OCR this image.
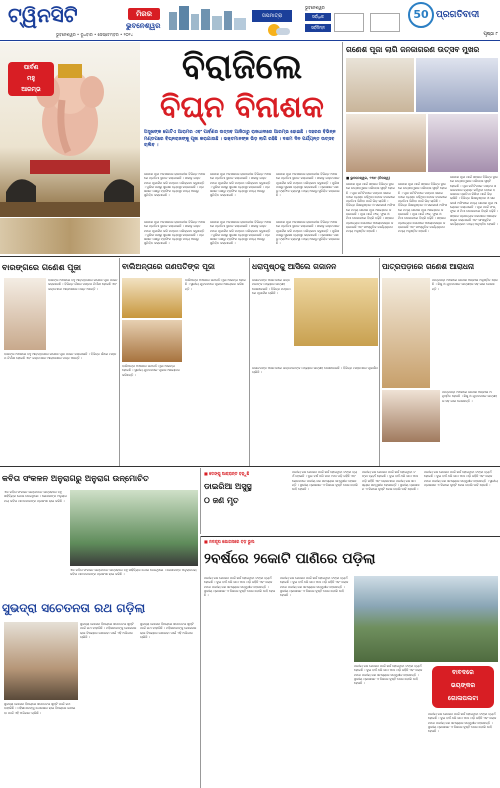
ଟ୍ୱିନସିଟି	ମିରର
ଭୁବନେଶ୍ୱର
ଭୁବନେଶ୍ୱର • ବୁଧବାର • ସେପ୍ଟେମ୍ବର • ୨୦୨୪
ତାପମାତ୍ରା
ଭୁବନେଶ୍ୱର
ସର୍ବାଧିକ
ସର୍ବନିମ୍ନ
50 ପ୍ରଗତିବାଦୀ
ପୃଷ୍ଠା ୮
ପାର୍ବଣ
ମହୁ
ଆରମ୍ଭ
ବିରାଜିଲେ
ବିଘ୍ନ ବିନାଶକ
ଅସୁଖଙ୍କ ଗୋଟିଏ ଆରାମର ଏବଂ ପାର୍ବଣର ଉତ୍ସବ ଆଜିଠାରୁ ରାଜଧାନୀରେ ଆରମ୍ଭ ହୋଇଛି । ସହରର ବିଭିନ୍ନ ମଣ୍ଡପରେ ବିଘ୍ନରାଜଙ୍କୁ ପୂଜା କରାଯାଉଛି । ଭକ୍ତମାନଙ୍କ ଭିଡ଼ ଲାଗି ରହିଛି । ଦଶମ ଦିନ ପର୍ଯ୍ୟନ୍ତ ଉତ୍ସବ ଚାଲିବ ।
ଗଣେଶ ପୂଜା ଅବସରରେ ରାଜଧାନୀର ବିଭିନ୍ନ ଅଞ୍ଚଳରେ ପ୍ରତିମା ସ୍ଥାପନ କରାଯାଇଛି । ସକାଳୁ ଭକ୍ତମାନେ ପୂଜାର୍ଚ୍ଚନା କରି ମଣ୍ଡପ ପରିକ୍ରମା କରୁଛନ୍ତି । ପୁଲିସ ପକ୍ଷରୁ ସୁରକ୍ଷା ବ୍ୟବସ୍ଥା କରାଯାଇଛି । ପ୍ରଶାସନ ପକ୍ଷରୁ ଟ୍ରାଫିକ ବ୍ୟବସ୍ଥା ମଧ୍ୟ ଆଗରୁ ସୁନିଶ୍ଚିତ କରାଯାଇଛି ।
ଗଣେଶ ପୂଜା ଅବସରରେ ରାଜଧାନୀର ବିଭିନ୍ନ ଅଞ୍ଚଳରେ ପ୍ରତିମା ସ୍ଥାପନ କରାଯାଇଛି । ସକାଳୁ ଭକ୍ତମାନେ ପୂଜାର୍ଚ୍ଚନା କରି ମଣ୍ଡପ ପରିକ୍ରମା କରୁଛନ୍ତି । ପୁଲିସ ପକ୍ଷରୁ ସୁରକ୍ଷା ବ୍ୟବସ୍ଥା କରାଯାଇଛି । ପ୍ରଶାସନ ପକ୍ଷରୁ ଟ୍ରାଫିକ ବ୍ୟବସ୍ଥା ମଧ୍ୟ ଆଗରୁ ସୁନିଶ୍ଚିତ କରାଯାଇଛି ।
ଗଣେଶ ପୂଜା ଅବସରରେ ରାଜଧାନୀର ବିଭିନ୍ନ ଅଞ୍ଚଳରେ ପ୍ରତିମା ସ୍ଥାପନ କରାଯାଇଛି । ସକାଳୁ ଭକ୍ତମାନେ ପୂଜାର୍ଚ୍ଚନା କରି ମଣ୍ଡପ ପରିକ୍ରମା କରୁଛନ୍ତି । ପୁଲିସ ପକ୍ଷରୁ ସୁରକ୍ଷା ବ୍ୟବସ୍ଥା କରାଯାଇଛି । ପ୍ରଶାସନ ପକ୍ଷରୁ ଟ୍ରାଫିକ ବ୍ୟବସ୍ଥା ମଧ୍ୟ ଆଗରୁ ସୁନିଶ୍ଚିତ କରାଯାଇଛି ।
ଗଣେଶ ପୂଜା ଅବସରରେ ରାଜଧାନୀର ବିଭିନ୍ନ ଅଞ୍ଚଳରେ ପ୍ରତିମା ସ୍ଥାପନ କରାଯାଇଛି । ସକାଳୁ ଭକ୍ତମାନେ ପୂଜାର୍ଚ୍ଚନା କରି ମଣ୍ଡପ ପରିକ୍ରମା କରୁଛନ୍ତି । ପୁଲିସ ପକ୍ଷରୁ ସୁରକ୍ଷା ବ୍ୟବସ୍ଥା କରାଯାଇଛି । ପ୍ରଶାସନ ପକ୍ଷରୁ ଟ୍ରାଫିକ ବ୍ୟବସ୍ଥା ମଧ୍ୟ ଆଗରୁ ସୁନିଶ୍ଚିତ କରାଯାଇଛି ।
ଗଣେଶ ପୂଜା ଅବସରରେ ରାଜଧାନୀର ବିଭିନ୍ନ ଅଞ୍ଚଳରେ ପ୍ରତିମା ସ୍ଥାପନ କରାଯାଇଛି । ସକାଳୁ ଭକ୍ତମାନେ ପୂଜାର୍ଚ୍ଚନା କରି ମଣ୍ଡପ ପରିକ୍ରମା କରୁଛନ୍ତି । ପୁଲିସ ପକ୍ଷରୁ ସୁରକ୍ଷା ବ୍ୟବସ୍ଥା କରାଯାଇଛି । ପ୍ରଶାସନ ପକ୍ଷରୁ ଟ୍ରାଫିକ ବ୍ୟବସ୍ଥା ମଧ୍ୟ ଆଗରୁ ସୁନିଶ୍ଚିତ କରାଯାଇଛି ।
ଗଣେଶ ପୂଜା ଅବସରରେ ରାଜଧାନୀର ବିଭିନ୍ନ ଅଞ୍ଚଳରେ ପ୍ରତିମା ସ୍ଥାପନ କରାଯାଇଛି । ସକାଳୁ ଭକ୍ତମାନେ ପୂଜାର୍ଚ୍ଚନା କରି ମଣ୍ଡପ ପରିକ୍ରମା କରୁଛନ୍ତି । ପୁଲିସ ପକ୍ଷରୁ ସୁରକ୍ଷା ବ୍ୟବସ୍ଥା କରାଯାଇଛି । ପ୍ରଶାସନ ପକ୍ଷରୁ ଟ୍ରାଫିକ ବ୍ୟବସ୍ଥା ମଧ୍ୟ ଆଗରୁ ସୁନିଶ୍ଚିତ କରାଯାଇଛି ।
ଗଣେଶ ପୂଜା ଲାଗି ଜନଜାଗରଣ ଉତ୍ସବ ମୁଖର
■ ଭୁବନେଶ୍ୱର, ୨୩ା୯ (ନିଜସ୍ୱ)
ଗଣେଶ ପୂଜା ପାଇଁ ସହରର ବିଭିନ୍ନ ସ୍ଥାନରେ ଉତ୍ସବମୁଖର ପରିବେଶ ସୃଷ୍ଟି ହୋଇଛି । ପୂଜା କମିଟିମାନେ ମଣ୍ଡପ ସଜାଇବାରେ ବ୍ୟସ୍ତ ରହିଥିବା ବେଳେ ବଜାରରେ ପ୍ରତିମା କିଣିବା ପାଇଁ ଭିଡ଼ ଲାଗିଛି । ବିଭିନ୍ନ ଶିକ୍ଷାନୁଷ୍ଠାନ ଓ ସରକାରୀ ଅଫିସରେ ମଧ୍ୟ ଗଣେଶ ପୂଜା ଆୟୋଜନ କରାଯାଇଛି । ପୂଜା ପାଇଁ ଫଳ, ଫୁଲ ଓ ମିଠା ଦୋକାନରେ ବିକ୍ରି ବଢ଼ିଛି । ସହରର ପ୍ରତ୍ୟେକ କୋଣରେ ଆଲୋକସଜ୍ଜା କରାଯାଇଛି ଏବଂ ସାଂସ୍କୃତିକ କାର୍ଯ୍ୟକ୍ରମ ମଧ୍ୟ ଅନୁଷ୍ଠିତ ହେଉଛି ।
ଗଣେଶ ପୂଜା ପାଇଁ ସହରର ବିଭିନ୍ନ ସ୍ଥାନରେ ଉତ୍ସବମୁଖର ପରିବେଶ ସୃଷ୍ଟି ହୋଇଛି । ପୂଜା କମିଟିମାନେ ମଣ୍ଡପ ସଜାଇବାରେ ବ୍ୟସ୍ତ ରହିଥିବା ବେଳେ ବଜାରରେ ପ୍ରତିମା କିଣିବା ପାଇଁ ଭିଡ଼ ଲାଗିଛି । ବିଭିନ୍ନ ଶିକ୍ଷାନୁଷ୍ଠାନ ଓ ସରକାରୀ ଅଫିସରେ ମଧ୍ୟ ଗଣେଶ ପୂଜା ଆୟୋଜନ କରାଯାଇଛି । ପୂଜା ପାଇଁ ଫଳ, ଫୁଲ ଓ ମିଠା ଦୋକାନରେ ବିକ୍ରି ବଢ଼ିଛି । ସହରର ପ୍ରତ୍ୟେକ କୋଣରେ ଆଲୋକସଜ୍ଜା କରାଯାଇଛି ଏବଂ ସାଂସ୍କୃତିକ କାର୍ଯ୍ୟକ୍ରମ ମଧ୍ୟ ଅନୁଷ୍ଠିତ ହେଉଛି ।
ଗଣେଶ ପୂଜା ପାଇଁ ସହରର ବିଭିନ୍ନ ସ୍ଥାନରେ ଉତ୍ସବମୁଖର ପରିବେଶ ସୃଷ୍ଟି ହୋଇଛି । ପୂଜା କମିଟିମାନେ ମଣ୍ଡପ ସଜାଇବାରେ ବ୍ୟସ୍ତ ରହିଥିବା ବେଳେ ବଜାରରେ ପ୍ରତିମା କିଣିବା ପାଇଁ ଭିଡ଼ ଲାଗିଛି । ବିଭିନ୍ନ ଶିକ୍ଷାନୁଷ୍ଠାନ ଓ ସରକାରୀ ଅଫିସରେ ମଧ୍ୟ ଗଣେଶ ପୂଜା ଆୟୋଜନ କରାଯାଇଛି । ପୂଜା ପାଇଁ ଫଳ, ଫୁଲ ଓ ମିଠା ଦୋକାନରେ ବିକ୍ରି ବଢ଼ିଛି । ସହରର ପ୍ରତ୍ୟେକ କୋଣରେ ଆଲୋକସଜ୍ଜା କରାଯାଇଛି ଏବଂ ସାଂସ୍କୃତିକ କାର୍ଯ୍ୟକ୍ରମ ମଧ୍ୟ ଅନୁଷ୍ଠିତ ହେଉଛି ।
ବାରଙ୍ଗରେ ଗଣେଶ ପୂଜା
ବାରଙ୍ଗ ଅଞ୍ଚଳରେ ବହୁ ଆଡ଼ମ୍ବରରେ ଗଣେଶ ପୂଜା ପାଳନ କରାଯାଉଛି । ବିଭିନ୍ନ ଗାଁରେ ମଣ୍ଡପ ନିର୍ମାଣ ହୋଇଛି ଏବଂ ଭକ୍ତମାନେ ଆରାଧନାରେ ମଗ୍ନ ଅଛନ୍ତି ।
ବାରଙ୍ଗ ଅଞ୍ଚଳରେ ବହୁ ଆଡ଼ମ୍ବରରେ ଗଣେଶ ପୂଜା ପାଳନ କରାଯାଉଛି । ବିଭିନ୍ନ ଗାଁରେ ମଣ୍ଡପ ନିର୍ମାଣ ହୋଇଛି ଏବଂ ଭକ୍ତମାନେ ଆରାଧନାରେ ମଗ୍ନ ଅଛନ୍ତି ।
ବାଲିଅନ୍ତାରେ ଗଣପତିଙ୍କ ପୂଜା
ବାଲିଅନ୍ତା ଅଞ୍ଚଳରେ ଗଣପତି ପୂଜା ଆରମ୍ଭ ହୋଇଛି । ସ୍ଥାନୀୟ ଯୁବକମାନେ ପୂଜାର ଆୟୋଜନ କରିଛନ୍ତି ।
ବାଲିଅନ୍ତା ଅଞ୍ଚଳରେ ଗଣପତି ପୂଜା ଆରମ୍ଭ ହୋଇଛି । ସ୍ଥାନୀୟ ଯୁବକମାନେ ପୂଜାର ଆୟୋଜନ କରିଛନ୍ତି ।
ଧରାପୃଷ୍ଠକୁ ଆସିଲେ ଗଜାନନ
ଗଜାନନଙ୍କ ଆଗମନରେ ଭକ୍ତମାନଙ୍କ ମଧ୍ୟରେ ଉତ୍ସାହ ଦେଖାଦେଇଛି । ବିଭିନ୍ନ ମଣ୍ଡପରେ ପୂଜାର୍ଚ୍ଚନା ଚାଲିଛି ।
ଗଜାନନଙ୍କ ଆଗମନରେ ଭକ୍ତମାନଙ୍କ ମଧ୍ୟରେ ଉତ୍ସାହ ଦେଖାଦେଇଛି । ବିଭିନ୍ନ ମଣ୍ଡପରେ ପୂଜାର୍ଚ୍ଚନା ଚାଲିଛି ।
ପାତ୍ରପଡ଼ାରେ ଗଣେଶ ଆରାଧନା
ପାତ୍ରପଡ଼ା ଅଞ୍ଚଳରେ ଗଣେଶ ଆରାଧନା ଅନୁଷ୍ଠିତ ହେଉଛି । ଶିଶୁ ଓ ଯୁବକମାନେ ଉତ୍ସାହର ସହ ଭାଗ ନେଉଛନ୍ତି ।
ପାତ୍ରପଡ଼ା ଅଞ୍ଚଳରେ ଗଣେଶ ଆରାଧନା ଅନୁଷ୍ଠିତ ହେଉଛି । ଶିଶୁ ଓ ଯୁବକମାନେ ଉତ୍ସାହର ସହ ଭାଗ ନେଉଛନ୍ତି ।
କବିତା ସଂକଳନ ଅନୁରାଗରୁ ଅନୁରାଗ ଉନ୍ମୋଚିତ
ଏକ କବିତା ସଂକଳନ ଉନ୍ମୋଚନ ଉତ୍ସବରେ ବହୁ ସାହିତ୍ୟିକ ଯୋଗ ଦେଇଥିଲେ । ଲେଖକଙ୍କ ଅନୁରାଗମୟ କବିତା ପାଠକମାନଙ୍କ ପ୍ରଶଂସା ଲାଭ କରିଛି ।
ଏକ କବିତା ସଂକଳନ ଉନ୍ମୋଚନ ଉତ୍ସବରେ ବହୁ ସାହିତ୍ୟିକ ଯୋଗ ଦେଇଥିଲେ । ଲେଖକଙ୍କ ଅନୁରାଗମୟ କବିତା ପାଠକମାନଙ୍କ ପ୍ରଶଂସା ଲାଭ କରିଛି ।
■ ଡେଙ୍ଗୁ ଆକ୍ରାନ୍ତ ବଢ଼ୁଛି
ଡାଇରିଆ ଅସୁସ୍ଥ
୦ ଜଣ ମୃତ
ପାନୀୟ ଜଳ ଯୋଜନା ପାଇଁ ଖର୍ଚ୍ଚ ହୋଇଥିବା ଟଙ୍କା ବ୍ୟର୍ଥ ହୋଇଛି । ଦୁଇ ବର୍ଷ ଧରି କାମ ଅଧା ପଡ଼ି ରହିଛି ଏବଂ ଲୋକମାନେ ପାନୀୟ ଜଳ ସମସ୍ୟାର ସମ୍ମୁଖୀନ ହେଉଛନ୍ତି । ସ୍ଥାନୀୟ ପ୍ରଶାସନ ଏ ଦିଗରେ ଦୃଷ୍ଟି ଦେଉ ବୋଲି ଦାବି ହେଉଛି ।
ପାନୀୟ ଜଳ ଯୋଜନା ପାଇଁ ଖର୍ଚ୍ଚ ହୋଇଥିବା ଟଙ୍କା ବ୍ୟର୍ଥ ହୋଇଛି । ଦୁଇ ବର୍ଷ ଧରି କାମ ଅଧା ପଡ଼ି ରହିଛି ଏବଂ ଲୋକମାନେ ପାନୀୟ ଜଳ ସମସ୍ୟାର ସମ୍ମୁଖୀନ ହେଉଛନ୍ତି । ସ୍ଥାନୀୟ ପ୍ରଶାସନ ଏ ଦିଗରେ ଦୃଷ୍ଟି ଦେଉ ବୋଲି ଦାବି ହେଉଛି ।
ପାନୀୟ ଜଳ ଯୋଜନା ପାଇଁ ଖର୍ଚ୍ଚ ହୋଇଥିବା ଟଙ୍କା ବ୍ୟର୍ଥ ହୋଇଛି । ଦୁଇ ବର୍ଷ ଧରି କାମ ଅଧା ପଡ଼ି ରହିଛି ଏବଂ ଲୋକମାନେ ପାନୀୟ ଜଳ ସମସ୍ୟାର ସମ୍ମୁଖୀନ ହେଉଛନ୍ତି । ସ୍ଥାନୀୟ ପ୍ରଶାସନ ଏ ଦିଗରେ ଦୃଷ୍ଟି ଦେଉ ବୋଲି ଦାବି ହେଉଛି ।
ସୁଭଦ୍ରା ସଚେତନତା ରଥ ଗଡ଼ିଲା
ସୁଭଦ୍ରା ଯୋଜନା ବିଷୟରେ ସଚେତନତା ସୃଷ୍ଟି ପାଇଁ ରଥ ବାହାରିଛି । ମହିଳାମାନଙ୍କୁ ଯୋଜନାର ଲାଭ ବିଷୟରେ ଜଣାଇବା ପାଇଁ ଏହି ଅଭିଯାନ ଚାଲିଛି ।
ସୁଭଦ୍ରା ଯୋଜନା ବିଷୟରେ ସଚେତନତା ସୃଷ୍ଟି ପାଇଁ ରଥ ବାହାରିଛି । ମହିଳାମାନଙ୍କୁ ଯୋଜନାର ଲାଭ ବିଷୟରେ ଜଣାଇବା ପାଇଁ ଏହି ଅଭିଯାନ ଚାଲିଛି ।
ସୁଭଦ୍ରା ଯୋଜନା ବିଷୟରେ ସଚେତନତା ସୃଷ୍ଟି ପାଇଁ ରଥ ବାହାରିଛି । ମହିଳାମାନଙ୍କୁ ଯୋଜନାର ଲାଭ ବିଷୟରେ ଜଣାଇବା ପାଇଁ ଏହି ଅଭିଯାନ ଚାଲିଛି ।
■ ନଳକୂପ ଯୋଜନାରେ ବଡ଼ ଭୁଲ
୨ବର୍ଷରେ ୨କୋଟି ପାଣିରେ ପଡ଼ିଲା
ପାନୀୟ ଜଳ ଯୋଜନା ପାଇଁ ଖର୍ଚ୍ଚ ହୋଇଥିବା ଟଙ୍କା ବ୍ୟର୍ଥ ହୋଇଛି । ଦୁଇ ବର୍ଷ ଧରି କାମ ଅଧା ପଡ଼ି ରହିଛି ଏବଂ ଲୋକମାନେ ପାନୀୟ ଜଳ ସମସ୍ୟାର ସମ୍ମୁଖୀନ ହେଉଛନ୍ତି । ସ୍ଥାନୀୟ ପ୍ରଶାସନ ଏ ଦିଗରେ ଦୃଷ୍ଟି ଦେଉ ବୋଲି ଦାବି ହେଉଛି ।
ପାନୀୟ ଜଳ ଯୋଜନା ପାଇଁ ଖର୍ଚ୍ଚ ହୋଇଥିବା ଟଙ୍କା ବ୍ୟର୍ଥ ହୋଇଛି । ଦୁଇ ବର୍ଷ ଧରି କାମ ଅଧା ପଡ଼ି ରହିଛି ଏବଂ ଲୋକମାନେ ପାନୀୟ ଜଳ ସମସ୍ୟାର ସମ୍ମୁଖୀନ ହେଉଛନ୍ତି । ସ୍ଥାନୀୟ ପ୍ରଶାସନ ଏ ଦିଗରେ ଦୃଷ୍ଟି ଦେଉ ବୋଲି ଦାବି ହେଉଛି ।
ପାନୀୟ ଜଳ ଯୋଜନା ପାଇଁ ଖର୍ଚ୍ଚ ହୋଇଥିବା ଟଙ୍କା ବ୍ୟର୍ଥ ହୋଇଛି । ଦୁଇ ବର୍ଷ ଧରି କାମ ଅଧା ପଡ଼ି ରହିଛି ଏବଂ ଲୋକମାନେ ପାନୀୟ ଜଳ ସମସ୍ୟାର ସମ୍ମୁଖୀନ ହେଉଛନ୍ତି । ସ୍ଥାନୀୟ ପ୍ରଶାସନ ଏ ଦିଗରେ ଦୃଷ୍ଟି ଦେଉ ବୋଲି ଦାବି ହେଉଛି ।
ପାନୀୟ ଜଳ ଯୋଜନା ପାଇଁ ଖର୍ଚ୍ଚ ହୋଇଥିବା ଟଙ୍କା ବ୍ୟର୍ଥ ହୋଇଛି । ଦୁଇ ବର୍ଷ ଧରି କାମ ଅଧା ପଡ଼ି ରହିଛି ଏବଂ ଲୋକମାନେ ପାନୀୟ ଜଳ ସମସ୍ୟାର ସମ୍ମୁଖୀନ ହେଉଛନ୍ତି । ସ୍ଥାନୀୟ ପ୍ରଶାସନ ଏ ଦିଗରେ ଦୃଷ୍ଟି ଦେଉ ବୋଲି ଦାବି ହେଉଛି ।
ବାବଦରେ
ଭୟଙ୍କର
ଗୋଳାପଲଟା
